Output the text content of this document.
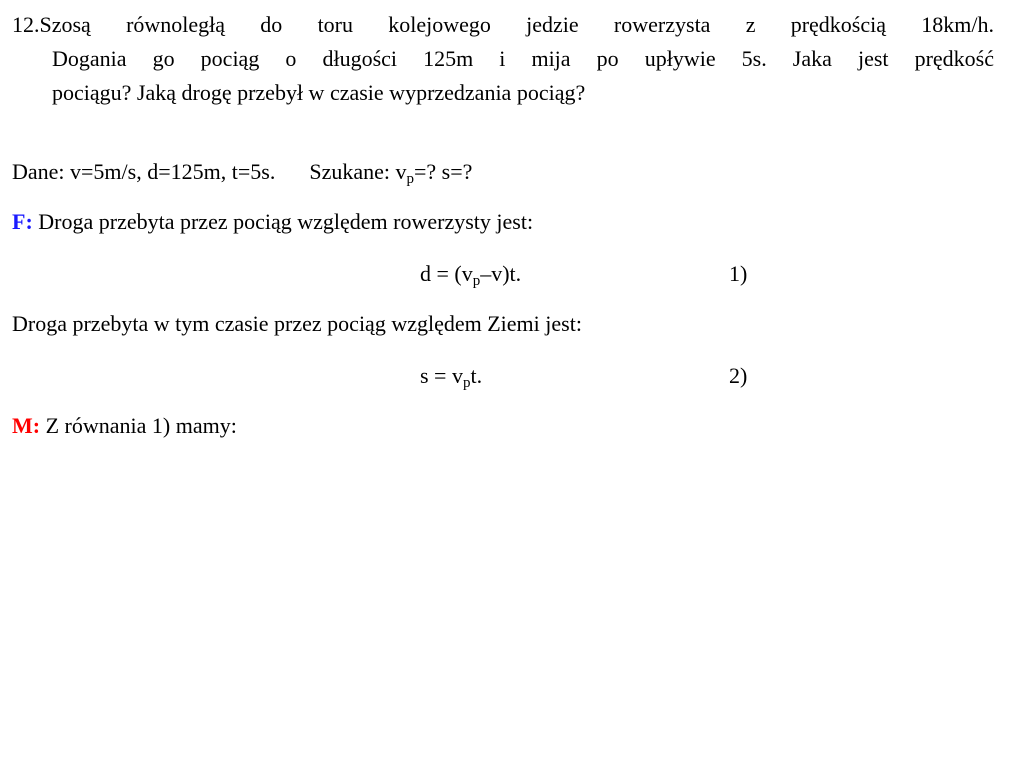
12.Szosą równoległą do toru kolejowego jedzie rowerzysta z prędkością 18km/h.
Dogania go pociąg o długości 125m i mija po upływie 5s. Jaka jest prędkość
pociągu? Jaką drogę przebył w czasie wyprzedzania pociąg?
Dane: v=5m/s, d=125m, t=5s. Szukane: $v_p=$? s=?
F: Droga przebyta przez pociąg względem rowerzysty jest:
$d = (v_p-v)t$.	1)
Droga przebyta w tym czasie przez pociąg względem Ziemi jest:
$s = v_pt$.	2)
M: Z równania 1) mamy:
